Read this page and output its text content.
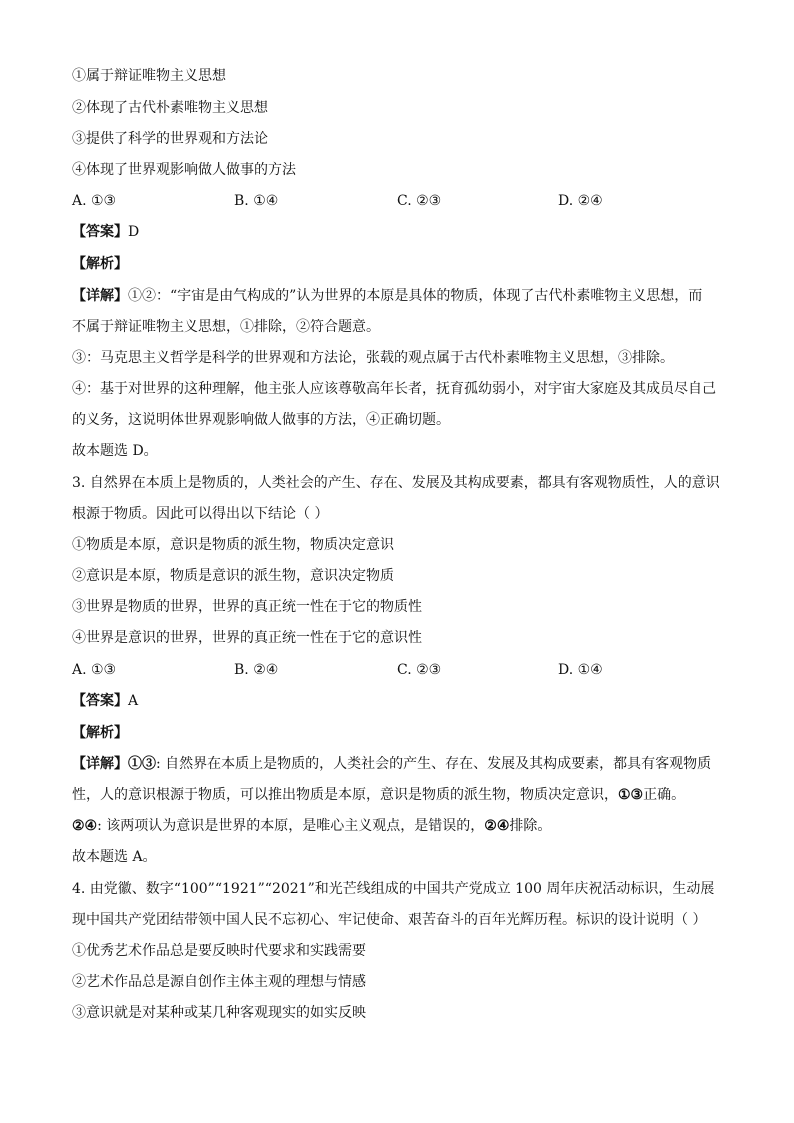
①属于辩证唯物主义思想
②体现了古代朴素唯物主义思想
③提供了科学的世界观和方法论
④体现了世界观影响做人做事的方法
A. ①③	B. ①④	C. ②③	D. ②④
【答案】D
【解析】
【详解】①②：“宇宙是由气构成的”认为世界的本原是具体的物质，体现了古代朴素唯物主义思想，而
不属于辩证唯物主义思想，①排除，②符合题意。
③：马克思主义哲学是科学的世界观和方法论，张载的观点属于古代朴素唯物主义思想，③排除。
④：基于对世界的这种理解，他主张人应该尊敬高年长者，抚育孤幼弱小，对宇宙大家庭及其成员尽自己
的义务，这说明体世界观影响做人做事的方法，④正确切题。
故本题选 D。
3. 自然界在本质上是物质的，人类社会的产生、存在、发展及其构成要素，都具有客观物质性，人的意识
根源于物质。因此可以得出以下结论（ ）
①物质是本原，意识是物质的派生物，物质决定意识
②意识是本原，物质是意识的派生物，意识决定物质
③世界是物质的世界，世界的真正统一性在于它的物质性
④世界是意识的世界，世界的真正统一性在于它的意识性
A. ①③	B. ②④	C. ②③	D. ①④
【答案】A
【解析】
【详解】①③: 自然界在本质上是物质的，人类社会的产生、存在、发展及其构成要素，都具有客观物质
性，人的意识根源于物质，可以推出物质是本原，意识是物质的派生物，物质决定意识，①③正确。
②④: 该两项认为意识是世界的本原，是唯心主义观点，是错误的，②④排除。
故本题选 A。
4. 由党徽、数字“100”“1921”“2021”和光芒线组成的中国共产党成立 100 周年庆祝活动标识，生动展
现中国共产党团结带领中国人民不忘初心、牢记使命、艰苦奋斗的百年光辉历程。标识的设计说明（ ）
①优秀艺术作品总是要反映时代要求和实践需要
②艺术作品总是源自创作主体主观的理想与情感
③意识就是对某种或某几种客观现实的如实反映
